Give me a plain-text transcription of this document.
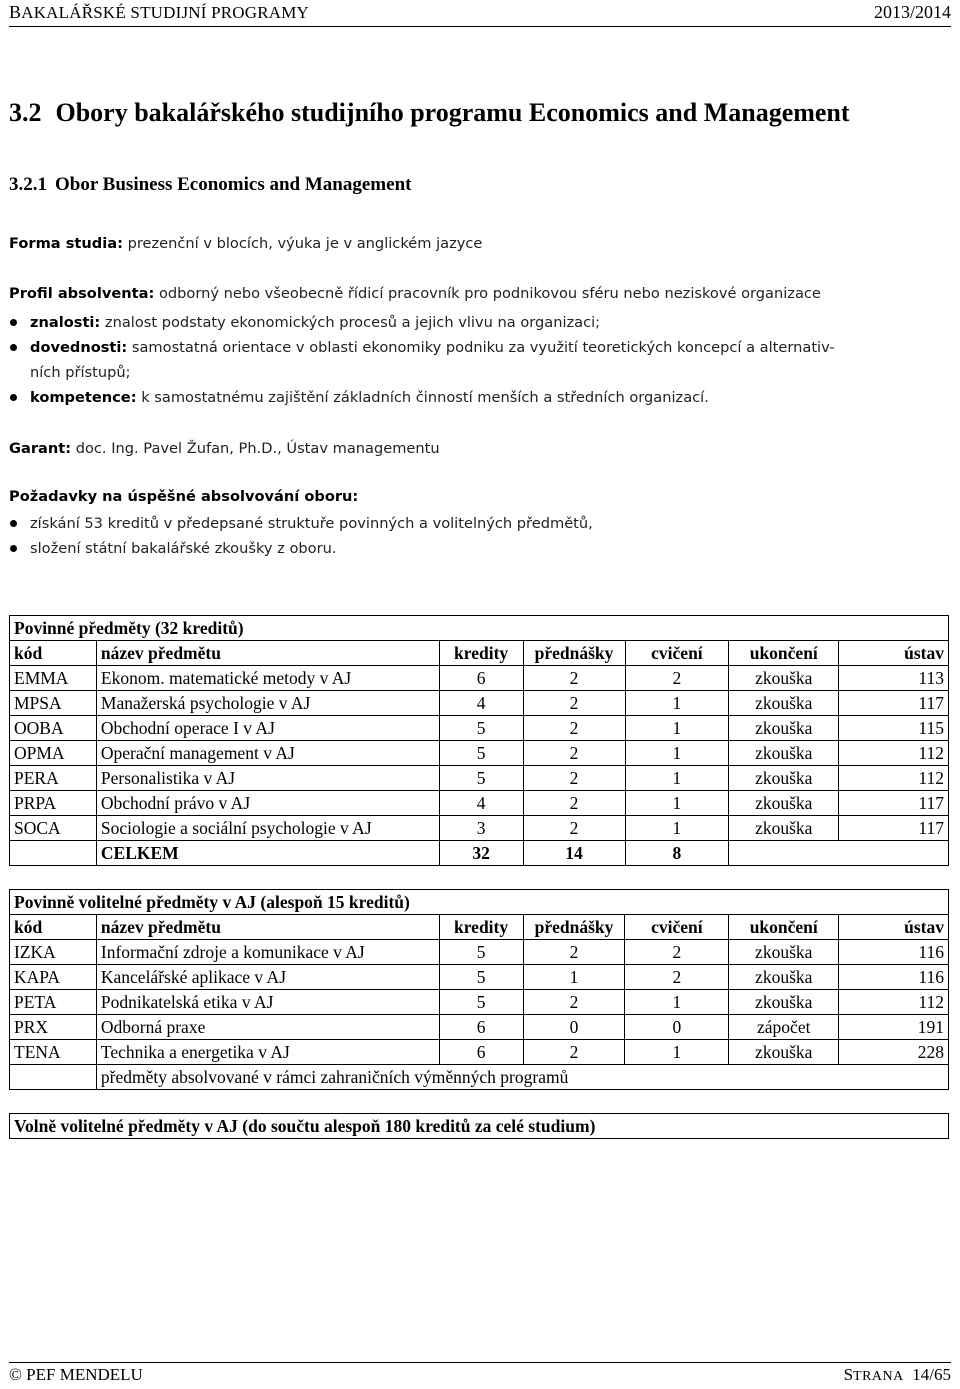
BAKALÁŘSKÉ STUDIJNÍ PROGRAMY	2013/2014
3.2 Obory bakalářského studijního programu Economics and Management
3.2.1 Obor Business Economics and Management
Forma studia: prezenční v blocích, výuka je v anglickém jazyce
Profil absolventa: odborný nebo všeobecně řídicí pracovník pro podnikovou sféru nebo neziskové organizace
znalosti: znalost podstaty ekonomických procesů a jejich vlivu na organizaci;
dovednosti: samostatná orientace v oblasti ekonomiky podniku za využití teoretických koncepcí a alternativ-
ních přístupů;
kompetence: k samostatnému zajištění základních činností menších a středních organizací.
Garant: doc. Ing. Pavel Žufan, Ph.D., Ústav managementu
Požadavky na úspěšné absolvování oboru:
získání 53 kreditů v předepsané struktuře povinných a volitelných předmětů,
složení státní bakalářské zkoušky z oboru.
Povinné předměty (32 kreditů)						
kód	název předmětu	kredity	přednášky	cvičení	ukončení	ústav
EMMA	Ekonom. matematické metody v AJ	6	2	2	zkouška	113
MPSA	Manažerská psychologie v AJ	4	2	1	zkouška	117
OOBA	Obchodní operace I v AJ	5	2	1	zkouška	115
OPMA	Operační management v AJ	5	2	1	zkouška	112
PERA	Personalistika v AJ	5	2	1	zkouška	112
PRPA	Obchodní právo v AJ	4	2	1	zkouška	117
SOCA	Sociologie a sociální psychologie v AJ	3	2	1	zkouška	117
	CELKEM	32	14	8		
Povinně volitelné předměty v AJ (alespoň 15 kreditů)						
kód	název předmětu	kredity	přednášky	cvičení	ukončení	ústav
IZKA	Informační zdroje a komunikace v AJ	5	2	2	zkouška	116
KAPA	Kancelářské aplikace v AJ	5	1	2	zkouška	116
PETA	Podnikatelská etika v AJ	5	2	1	zkouška	112
PRX	Odborná praxe	6	0	0	zápočet	191
TENA	Technika a energetika v AJ	6	2	1	zkouška	228
	předměty absolvované v rámci zahraničních výměnných programů					
Volně volitelné předměty v AJ (do součtu alespoň 180 kreditů za celé studium)
© PEF MENDELU	STRANA 14/65
